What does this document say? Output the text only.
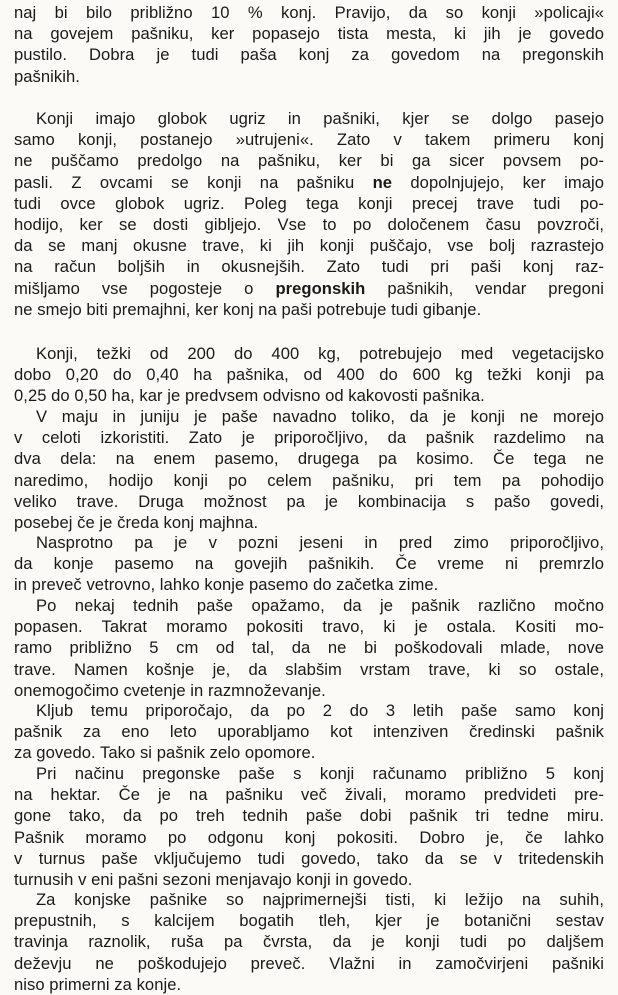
naj bi bilo približno 10 % konj. Pravijo, da so konji »policaji«
na govejem pašniku, ker popasejo tista mesta, ki jih je govedo
pustilo. Dobra je tudi paša konj za govedom na pregonskih
pašnikih.
Konji imajo globok ugriz in pašniki, kjer se dolgo pasejo
samo konji, postanejo »utrujeni«. Zato v takem primeru konj
ne puščamo predolgo na pašniku, ker bi ga sicer povsem po-
pasli. Z ovcami se konji na pašniku ne dopolnjujejo, ker imajo
tudi ovce globok ugriz. Poleg tega konji precej trave tudi po-
hodijo, ker se dosti gibljejo. Vse to po določenem času povzroči,
da se manj okusne trave, ki jih konji puščajo, vse bolj razrastejo
na račun boljših in okusnejših. Zato tudi pri paši konj raz-
mišljamo vse pogosteje o pregonskih pašnikih, vendar pregoni
ne smejo biti premajhni, ker konj na paši potrebuje tudi gibanje.
Konji, težki od 200 do 400 kg, potrebujejo med vegetacijsko
dobo 0,20 do 0,40 ha pašnika, od 400 do 600 kg težki konji pa
0,25 do 0,50 ha, kar je predvsem odvisno od kakovosti pašnika.
V maju in juniju je paše navadno toliko, da je konji ne morejo
v celoti izkoristiti. Zato je priporočljivo, da pašnik razdelimo na
dva dela: na enem pasemo, drugega pa kosimo. Če tega ne
naredimo, hodijo konji po celem pašniku, pri tem pa pohodijo
veliko trave. Druga možnost pa je kombinacija s pašo govedi,
posebej če je čreda konj majhna.
Nasprotno pa je v pozni jeseni in pred zimo priporočljivo,
da konje pasemo na govejih pašnikih. Če vreme ni premrzlo
in preveč vetrovno, lahko konje pasemo do začetka zime.
Po nekaj tednih paše opažamo, da je pašnik različno močno
popasen. Takrat moramo pokositi travo, ki je ostala. Kositi mo-
ramo približno 5 cm od tal, da ne bi poškodovali mlade, nove
trave. Namen košnje je, da slabšim vrstam trave, ki so ostale,
onemogočimo cvetenje in razmnoževanje.
Kljub temu priporočajo, da po 2 do 3 letih paše samo konj
pašnik za eno leto uporabljamo kot intenziven čredinski pašnik
za govedo. Tako si pašnik zelo opomore.
Pri načinu pregonske paše s konji računamo približno 5 konj
na hektar. Če je na pašniku več živali, moramo predvideti pre-
gone tako, da po treh tednih paše dobi pašnik tri tedne miru.
Pašnik moramo po odgonu konj pokositi. Dobro je, če lahko
v turnus paše vključujemo tudi govedo, tako da se v tritedenskih
turnusih v eni pašni sezoni menjavajo konji in govedo.
Za konjske pašnike so najprimernejši tisti, ki ležijo na suhih,
prepustnih, s kalcijem bogatih tleh, kjer je botanični sestav
travinja raznolik, ruša pa čvrsta, da je konji tudi po daljšem
deževju ne poškodujejo preveč. Vlažni in zamočvirjeni pašniki
niso primerni za konje.
